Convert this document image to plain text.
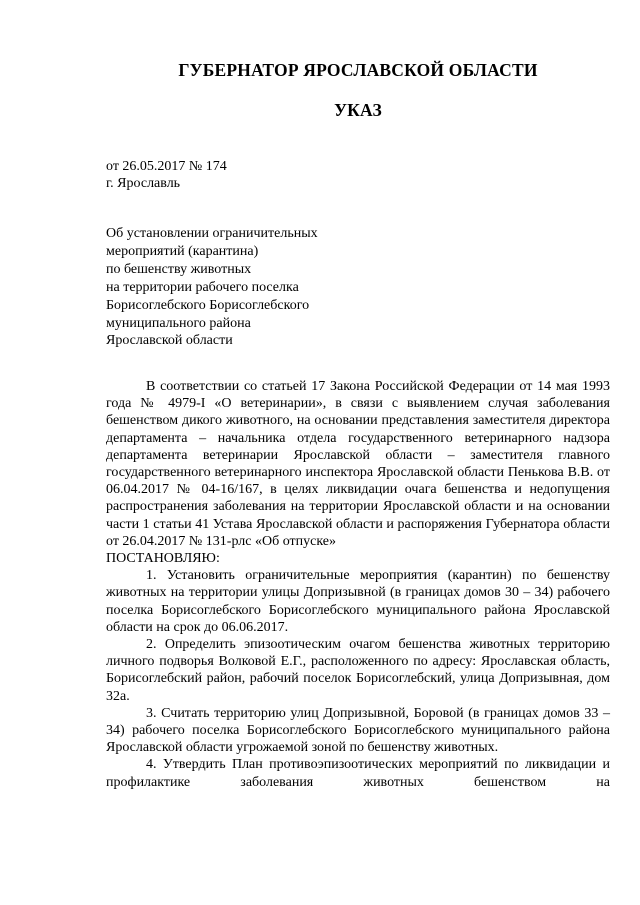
ГУБЕРНАТОР ЯРОСЛАВСКОЙ ОБЛАСТИ
УКАЗ
от 26.05.2017 № 174
г. Ярославль
Об установлении ограничительных
мероприятий (карантина)
по бешенству животных
на территории рабочего поселка
Борисоглебского Борисоглебского
муниципального района
Ярославской области

В соответствии со статьей 17 Закона Российской Федерации от 14 мая 1993 года № 4979-I «О ветеринарии», в связи с выявлением случая заболевания бешенством дикого животного, на основании представления заместителя директора департамента – начальника отдела государственного ветеринарного надзора департамента ветеринарии Ярославской области – заместителя главного государственного ветеринарного инспектора Ярославской области Пенькова В.В. от 06.04.2017 № 04-16/167, в целях ликвидации очага бешенства и недопущения распространения заболевания на территории Ярославской области и на основании части 1 статьи 41 Устава Ярославской области и распоряжения Губернатора области от 26.04.2017 № 131-рлс «Об отпуске»

ПОСТАНОВЛЯЮ:

1. Установить ограничительные мероприятия (карантин) по бешенству животных на территории улицы Допризывной (в границах домов 30 – 34) рабочего поселка Борисоглебского Борисоглебского муниципального района Ярославской области на срок до 06.06.2017.

2. Определить эпизоотическим очагом бешенства животных территорию личного подворья Волковой Е.Г., расположенного по адресу: Ярославская область, Борисоглебский район, рабочий поселок Борисоглебский, улица Допризывная, дом 32а.

3. Считать территорию улиц Допризывной, Боровой (в границах домов 33 – 34) рабочего поселка Борисоглебского Борисоглебского муниципального района Ярославской области угрожаемой зоной по бешенству животных.

4. Утвердить План противоэпизоотических мероприятий по ликвидации и профилактике заболевания животных бешенством на
